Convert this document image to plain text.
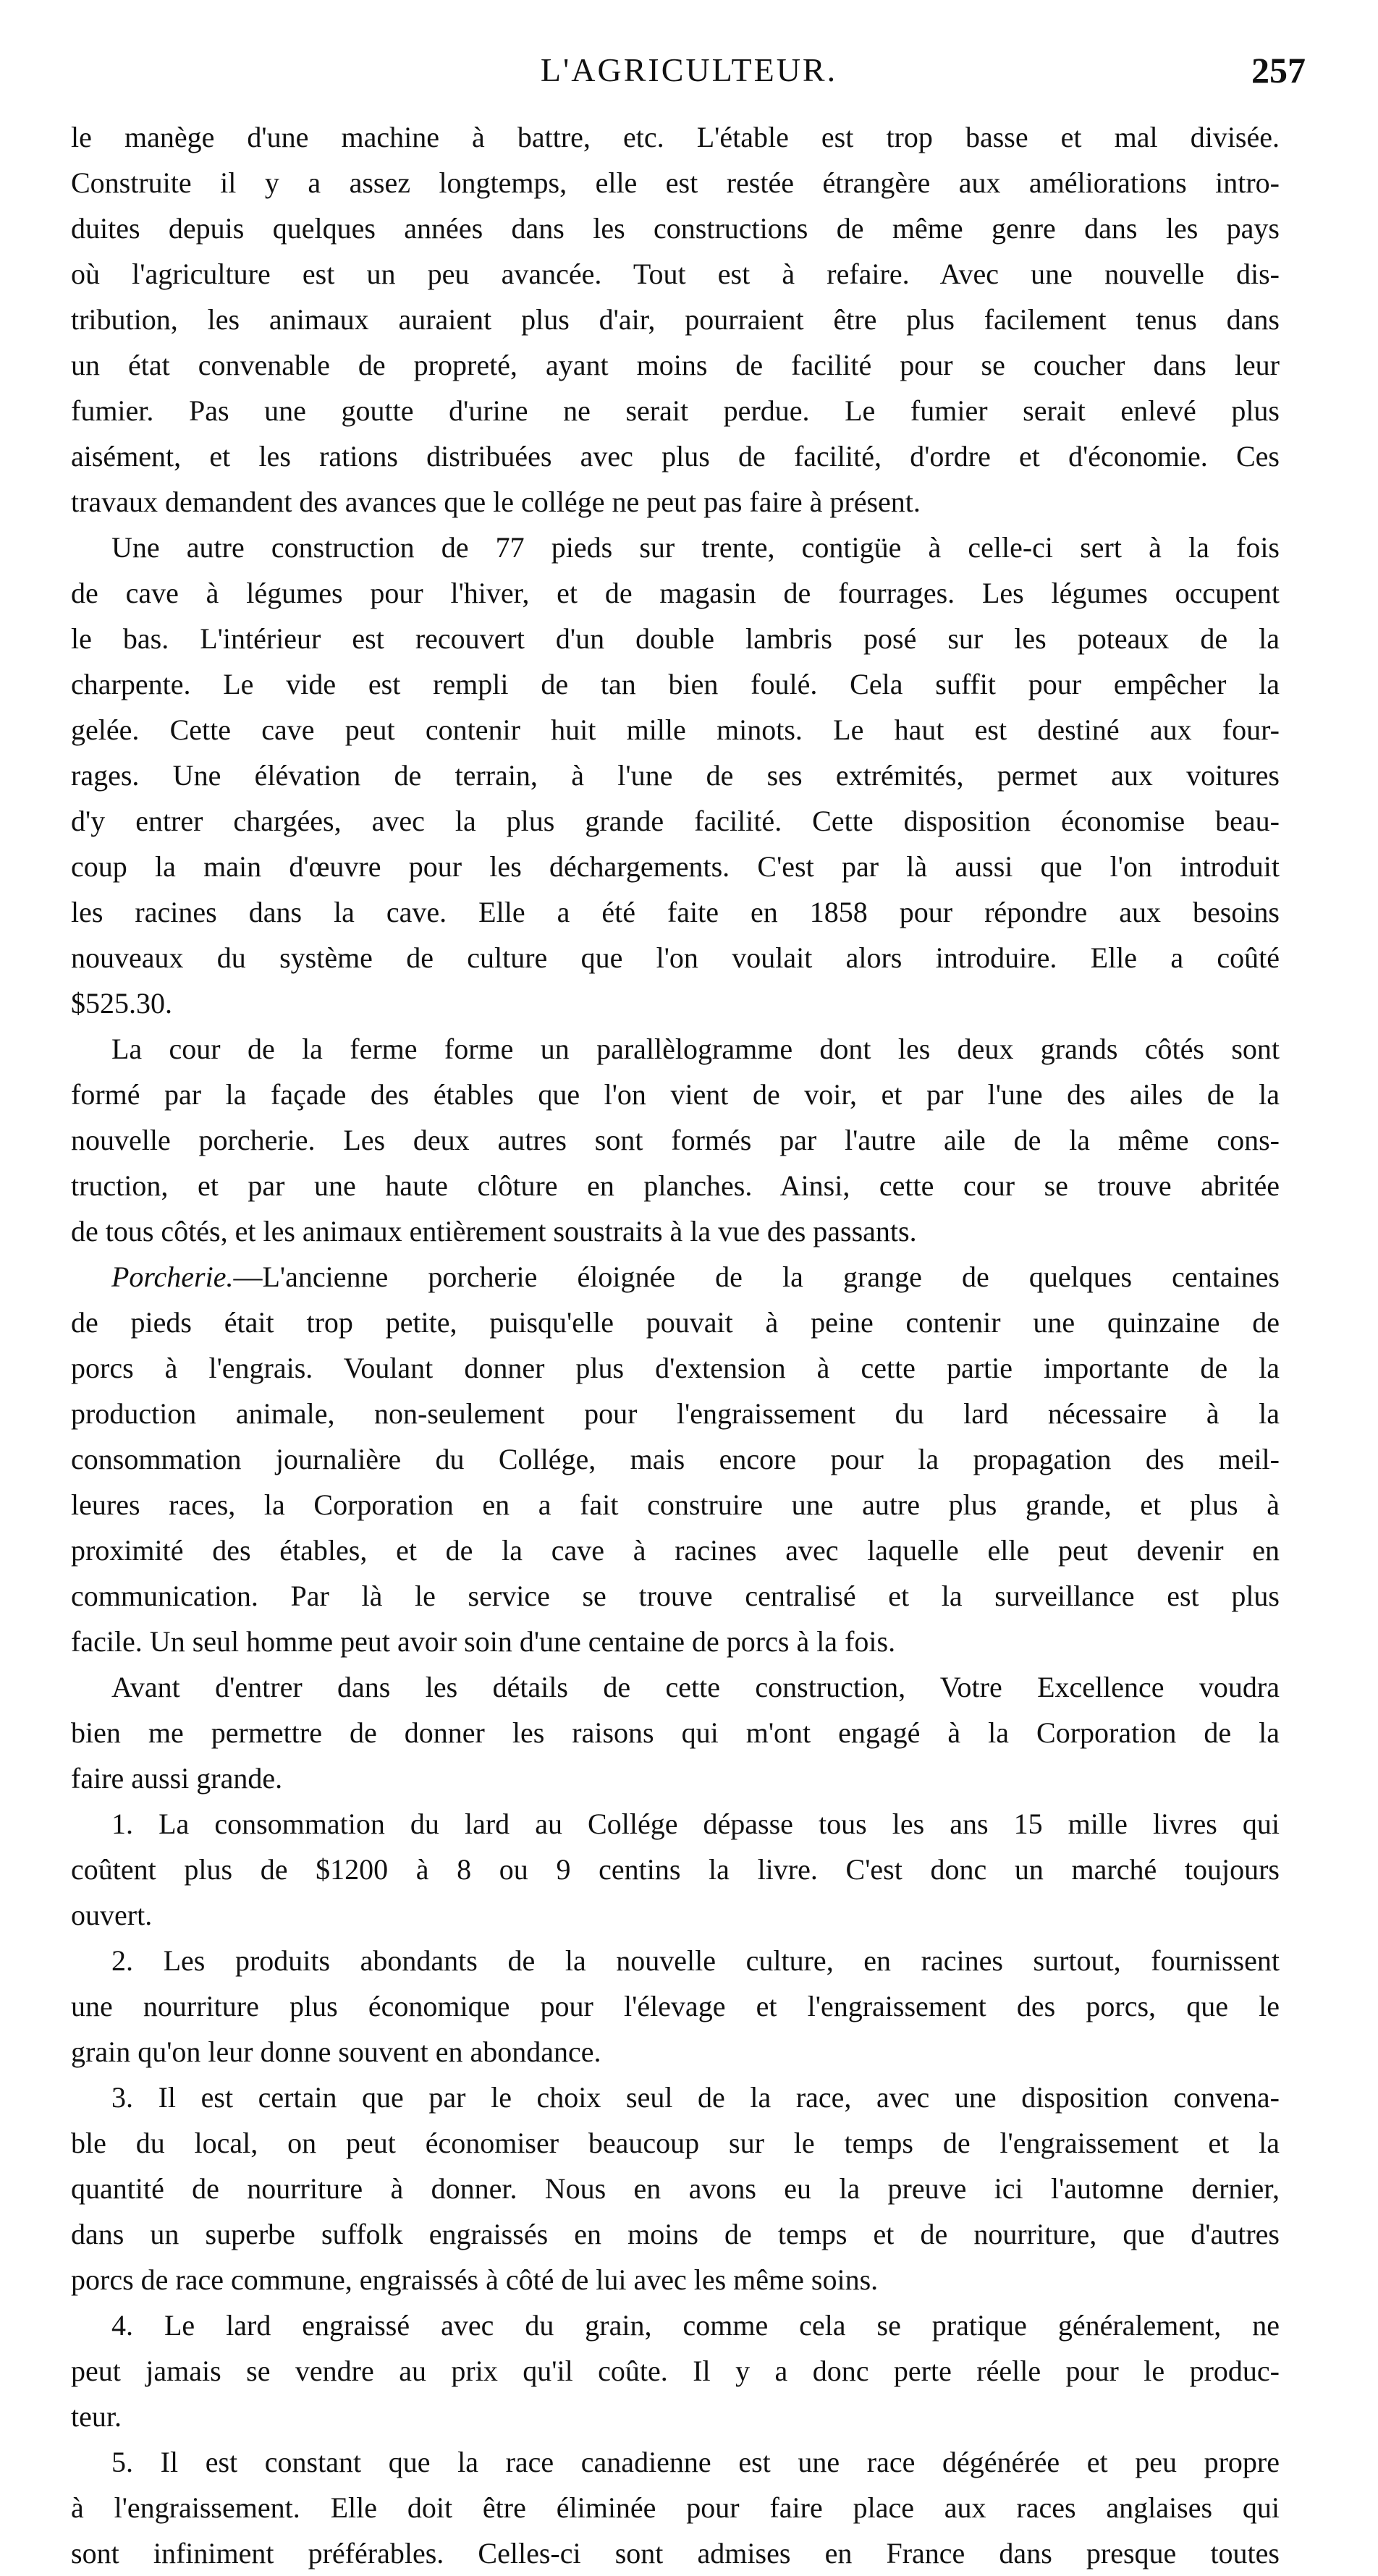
L'AGRICULTEUR.	257
le manège d'une machine à battre, etc. L'étable est trop basse et mal divisée.
Construite il y a assez longtemps, elle est restée étrangère aux améliorations intro-
duites depuis quelques années dans les constructions de même genre dans les pays
où l'agriculture est un peu avancée. Tout est à refaire. Avec une nouvelle dis-
tribution, les animaux auraient plus d'air, pourraient être plus facilement tenus dans
un état convenable de propreté, ayant moins de facilité pour se coucher dans leur
fumier. Pas une goutte d'urine ne serait perdue. Le fumier serait enlevé plus
aisément, et les rations distribuées avec plus de facilité, d'ordre et d'économie. Ces
travaux demandent des avances que le collége ne peut pas faire à présent.
Une autre construction de 77 pieds sur trente, contigüe à celle-ci sert à la fois
de cave à légumes pour l'hiver, et de magasin de fourrages. Les légumes occupent
le bas. L'intérieur est recouvert d'un double lambris posé sur les poteaux de la
charpente. Le vide est rempli de tan bien foulé. Cela suffit pour empêcher la
gelée. Cette cave peut contenir huit mille minots. Le haut est destiné aux four-
rages. Une élévation de terrain, à l'une de ses extrémités, permet aux voitures
d'y entrer chargées, avec la plus grande facilité. Cette disposition économise beau-
coup la main d'œuvre pour les déchargements. C'est par là aussi que l'on introduit
les racines dans la cave. Elle a été faite en 1858 pour répondre aux besoins
nouveaux du système de culture que l'on voulait alors introduire. Elle a coûté
$525.30.
La cour de la ferme forme un parallèlogramme dont les deux grands côtés sont
formé par la façade des étables que l'on vient de voir, et par l'une des ailes de la
nouvelle porcherie. Les deux autres sont formés par l'autre aile de la même cons-
truction, et par une haute clôture en planches. Ainsi, cette cour se trouve abritée
de tous côtés, et les animaux entièrement soustraits à la vue des passants.
Porcherie.—L'ancienne porcherie éloignée de la grange de quelques centaines
de pieds était trop petite, puisqu'elle pouvait à peine contenir une quinzaine de
porcs à l'engrais. Voulant donner plus d'extension à cette partie importante de la
production animale, non-seulement pour l'engraissement du lard nécessaire à la
consommation journalière du Collége, mais encore pour la propagation des meil-
leures races, la Corporation en a fait construire une autre plus grande, et plus à
proximité des étables, et de la cave à racines avec laquelle elle peut devenir en
communication. Par là le service se trouve centralisé et la surveillance est plus
facile. Un seul homme peut avoir soin d'une centaine de porcs à la fois.
Avant d'entrer dans les détails de cette construction, Votre Excellence voudra
bien me permettre de donner les raisons qui m'ont engagé à la Corporation de la
faire aussi grande.
1. La consommation du lard au Collége dépasse tous les ans 15 mille livres qui
coûtent plus de $1200 à 8 ou 9 centins la livre. C'est donc un marché toujours
ouvert.
2. Les produits abondants de la nouvelle culture, en racines surtout, fournissent
une nourriture plus économique pour l'élevage et l'engraissement des porcs, que le
grain qu'on leur donne souvent en abondance.
3. Il est certain que par le choix seul de la race, avec une disposition convena-
ble du local, on peut économiser beaucoup sur le temps de l'engraissement et la
quantité de nourriture à donner. Nous en avons eu la preuve ici l'automne dernier,
dans un superbe suffolk engraissés en moins de temps et de nourriture, que d'autres
porcs de race commune, engraissés à côté de lui avec les même soins.
4. Le lard engraissé avec du grain, comme cela se pratique généralement, ne
peut jamais se vendre au prix qu'il coûte. Il y a donc perte réelle pour le produc-
teur.
5. Il est constant que la race canadienne est une race dégénérée et peu propre
à l'engraissement. Elle doit être éliminée pour faire place aux races anglaises qui
sont infiniment préférables. Celles-ci sont admises en France dans presque toutes
